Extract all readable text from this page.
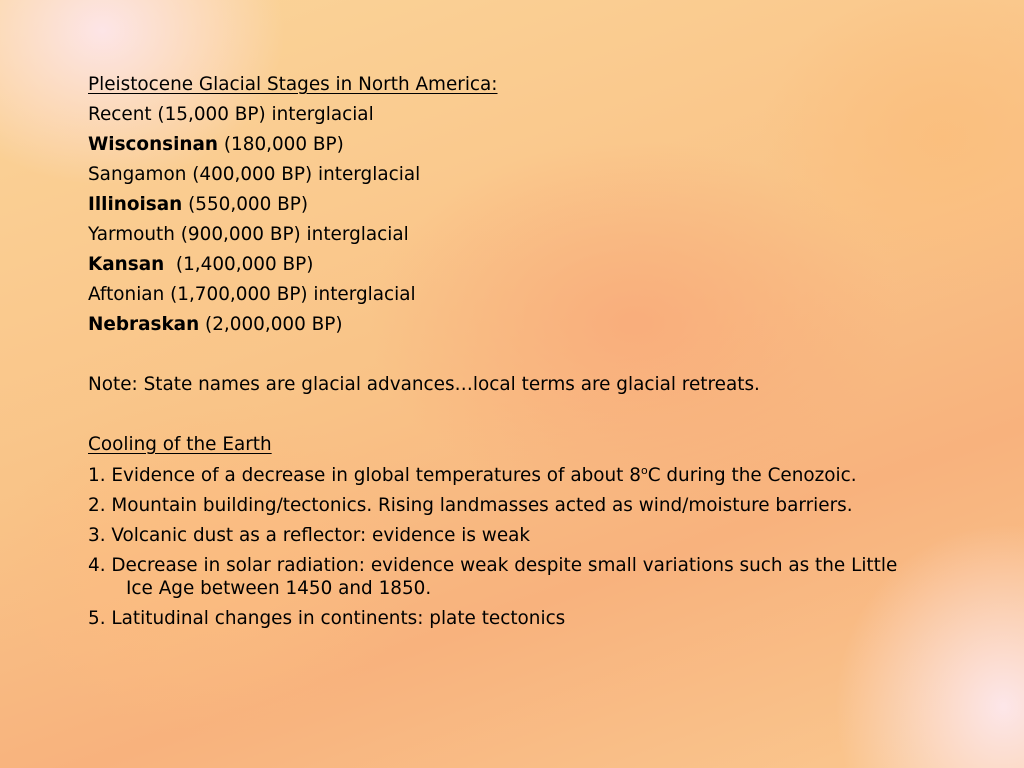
Pleistocene Glacial Stages in North America:
Recent (15,000 BP) interglacial
Wisconsinan (180,000 BP)
Sangamon (400,000 BP) interglacial
Illinoisan (550,000 BP)
Yarmouth (900,000 BP) interglacial
Kansan  (1,400,000 BP)
Aftonian (1,700,000 BP) interglacial
Nebraskan (2,000,000 BP)
Note: State names are glacial advances…local terms are glacial retreats.
Cooling of the Earth
1. Evidence of a decrease in global temperatures of about 8$^o$C during the Cenozoic.
2. Mountain building/tectonics. Rising landmasses acted as wind/moisture barriers.
3. Volcanic dust as a reflector: evidence is weak
4. Decrease in solar radiation: evidence weak despite small variations such as the Little Ice Age between 1450 and 1850.
5. Latitudinal changes in continents: plate tectonics
